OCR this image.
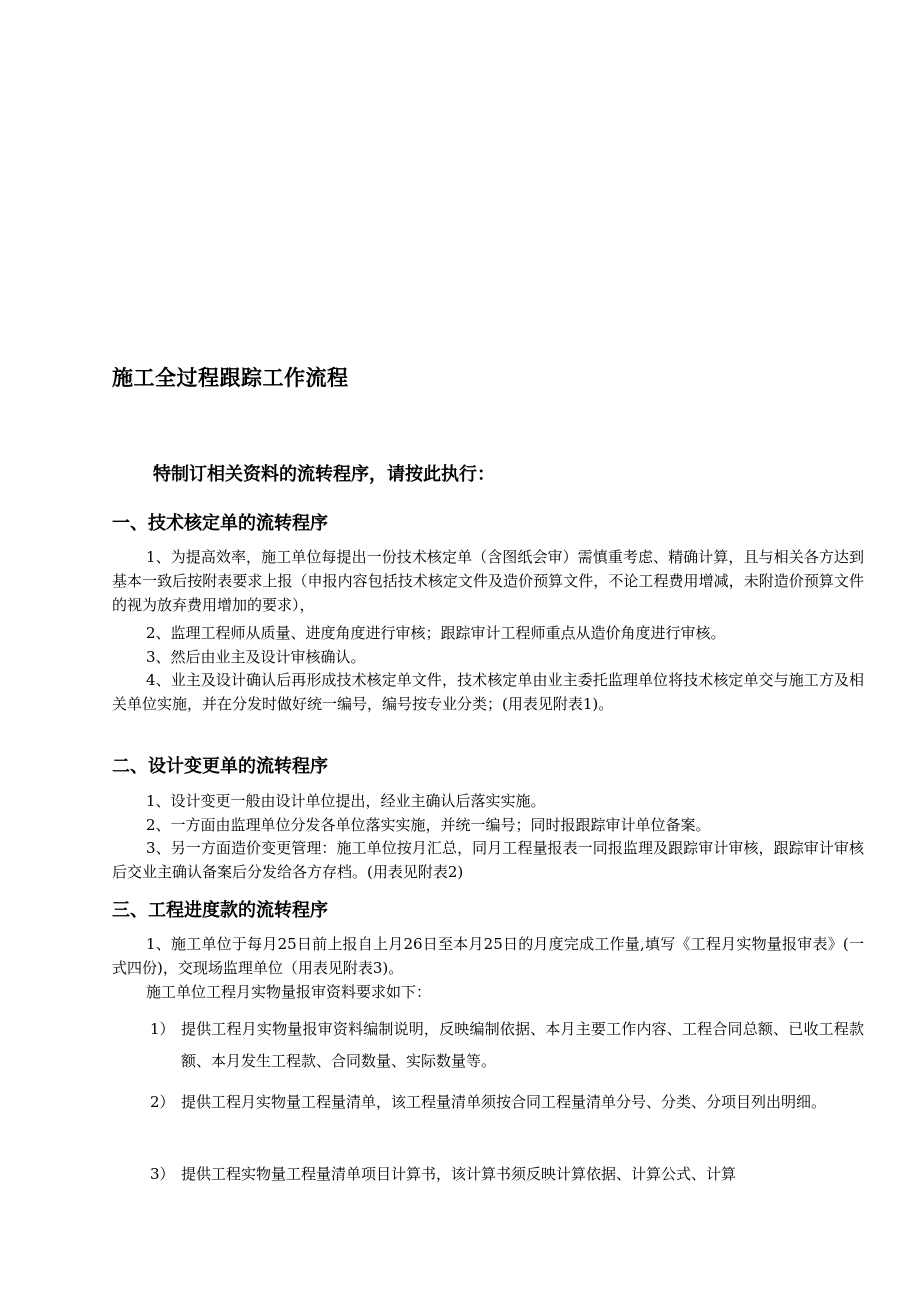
施工全过程跟踪工作流程

特制订相关资料的流转程序，请按此执行：

一、技术核定单的流转程序

1、为提高效率，施工单位每提出一份技术核定单（含图纸会审）需慎重考虑、精确计算，且与相关各方达到基本一致后按附表要求上报（申报内容包括技术核定文件及造价预算文件，不论工程费用增减，未附造价预算文件的视为放弃费用增加的要求），

2、监理工程师从质量、进度角度进行审核；跟踪审计工程师重点从造价角度进行审核。

3、然后由业主及设计审核确认。

4、业主及设计确认后再形成技术核定单文件，技术核定单由业主委托监理单位将技术核定单交与施工方及相关单位实施，并在分发时做好统一编号，编号按专业分类；(用表见附表1)。

二、设计变更单的流转程序

1、设计变更一般由设计单位提出，经业主确认后落实实施。

2、一方面由监理单位分发各单位落实实施，并统一编号；同时报跟踪审计单位备案。

3、另一方面造价变更管理：施工单位按月汇总，同月工程量报表一同报监理及跟踪审计审核，跟踪审计审核后交业主确认备案后分发给各方存档。(用表见附表2)

三、工程进度款的流转程序

1、施工单位于每月25日前上报自上月26日至本月25日的月度完成工作量,填写《工程月实物量报审表》(一式四份)，交现场监理单位（用表见附表3)。

施工单位工程月实物量报审资料要求如下：

1） 提供工程月实物量报审资料编制说明，反映编制依据、本月主要工作内容、工程合同总额、已收工程款额、本月发生工程款、合同数量、实际数量等。
2） 提供工程月实物量工程量清单，该工程量清单须按合同工程量清单分号、分类、分项目列出明细。
3） 提供工程实物量工程量清单项目计算书，该计算书须反映计算依据、计算公式、计算
